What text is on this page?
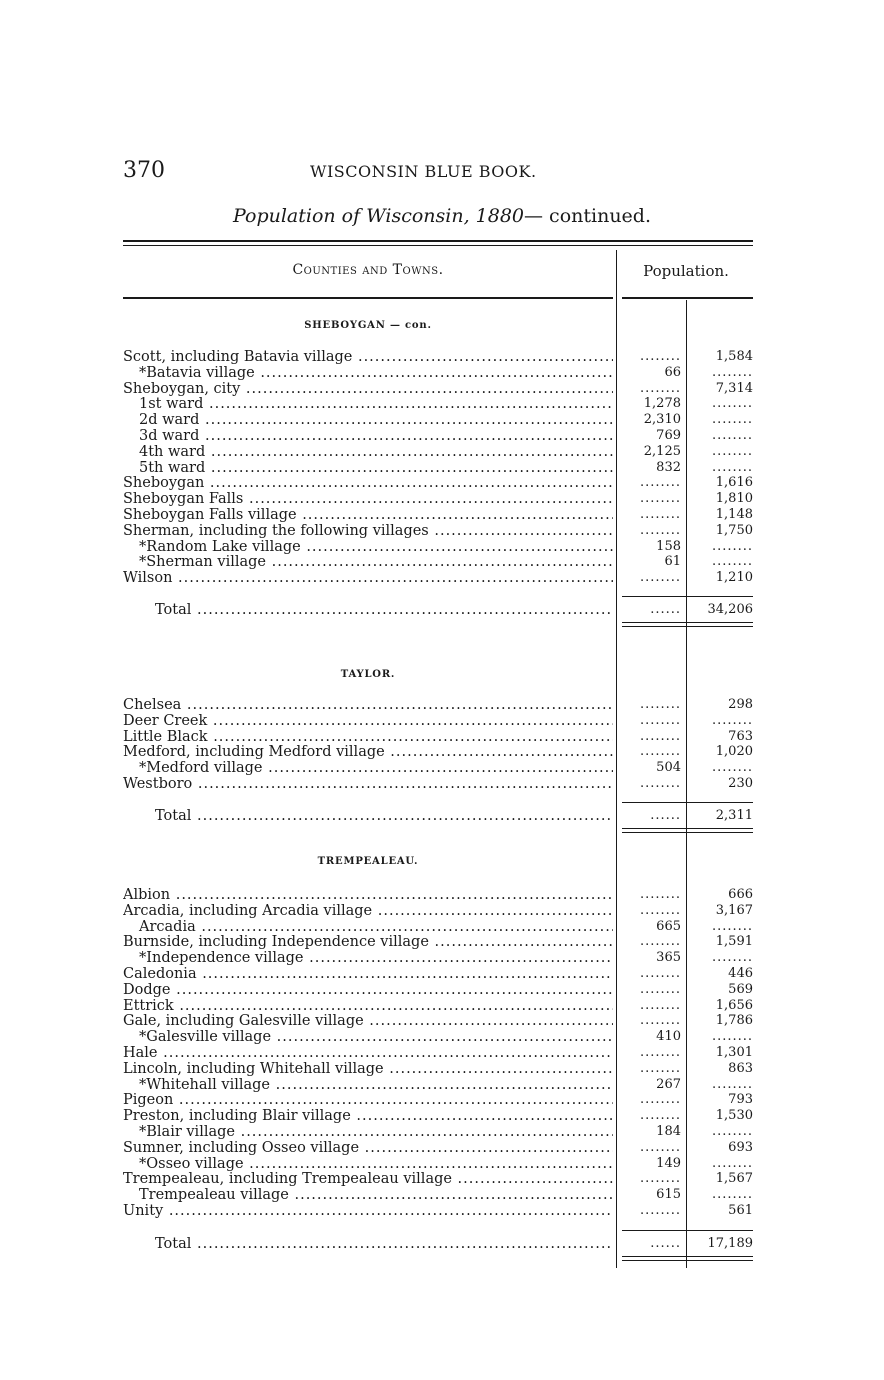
370	WISCONSIN BLUE BOOK.
Population of Wisconsin, 1880— continued.
Counties and Towns.	Population.
SHEBOYGAN — con.
Scott, including Batavia village .....	........	1,584
*Batavia village .....	66	........
Sheboygan, city .....	........	7,314
1st ward .....	1,278	........
2d ward .....	2,310	........
3d ward .....	769	........
4th ward .....	2,125	........
5th ward .....	832	........
Sheboygan .....	........	1,616
Sheboygan Falls .....	........	1,810
Sheboygan Falls village .....	........	1,148
Sherman, including the following villages .....	........	1,750
*Random Lake village .....	158	........
*Sherman village .....	61	........
Wilson .....	........	1,210
Total .....	......	34,206
TAYLOR.
Chelsea .....	........	298
Deer Creek .....	........	........
Little Black .....	........	763
Medford, including Medford village .....	........	1,020
*Medford village .....	504	........
Westboro .....	........	230
Total .....	......	2,311
TREMPEALEAU.
Albion .....	........	666
Arcadia, including Arcadia village .....	........	3,167
Arcadia .....	665	........
Burnside, including Independence village .....	........	1,591
*Independence village .....	365	........
Caledonia .....	........	446
Dodge .....	........	569
Ettrick .....	........	1,656
Gale, including Galesville village .....	........	1,786
*Galesville village .....	410	........
Hale .....	........	1,301
Lincoln, including Whitehall village .....	........	863
*Whitehall village .....	267	........
Pigeon .....	........	793
Preston, including Blair village .....	........	1,530
*Blair village .....	184	........
Sumner, including Osseo village .....	........	693
*Osseo village .....	149	........
Trempealeau, including Trempealeau village .....	........	1,567
Trempealeau village .....	615	........
Unity .....	........	561
Total .....	......	17,189
